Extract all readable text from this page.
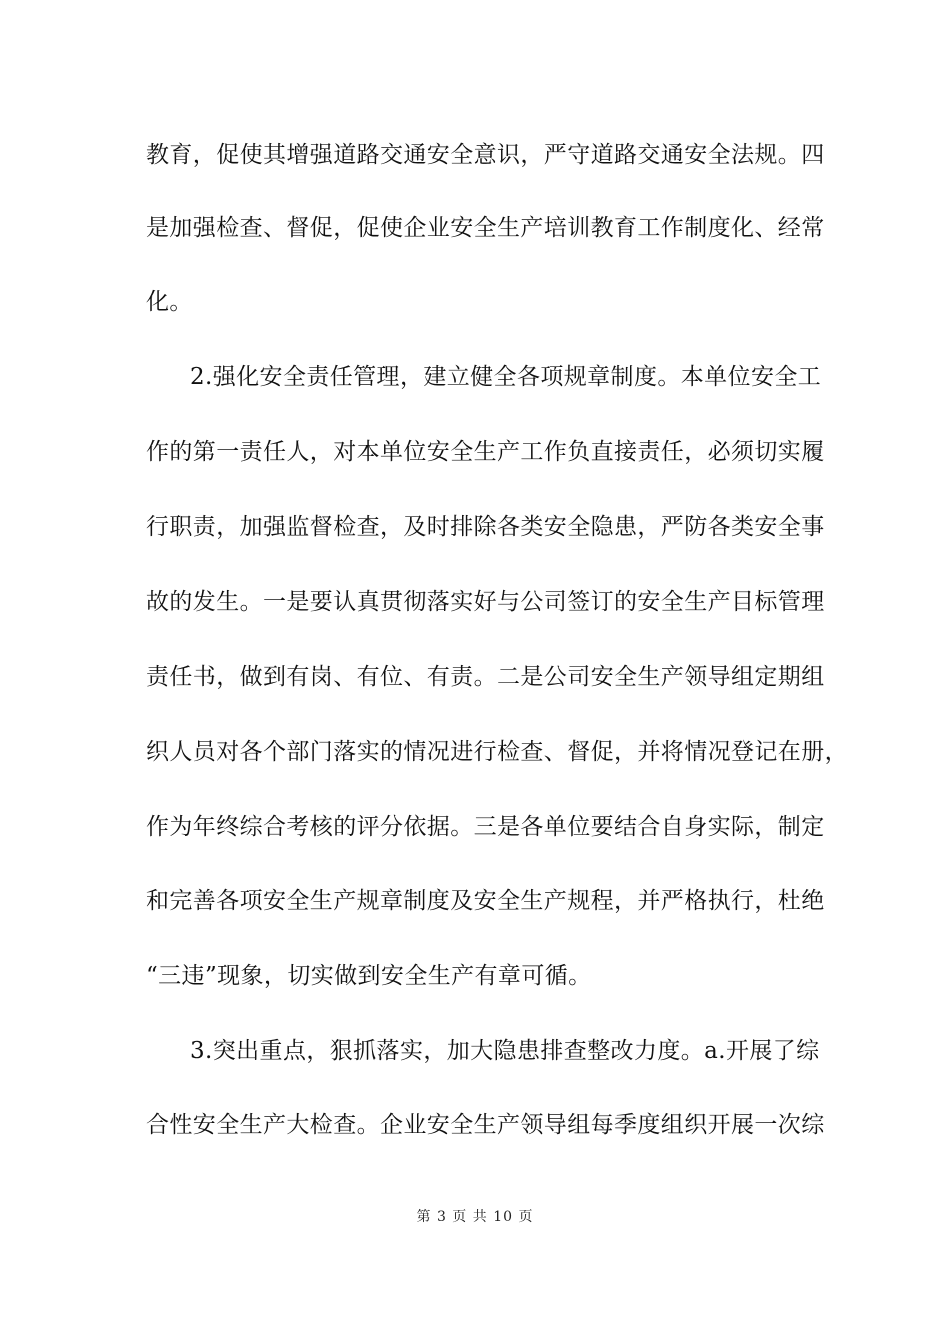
教育，促使其增强道路交通安全意识，严守道路交通安全法规。四
是加强检查、督促，促使企业安全生产培训教育工作制度化、经常
化。
2.强化安全责任管理，建立健全各项规章制度。本单位安全工
作的第一责任人，对本单位安全生产工作负直接责任，必须切实履
行职责，加强监督检查，及时排除各类安全隐患，严防各类安全事
故的发生。一是要认真贯彻落实好与公司签订的安全生产目标管理
责任书，做到有岗、有位、有责。二是公司安全生产领导组定期组
织人员对各个部门落实的情况进行检查、督促，并将情况登记在册，
作为年终综合考核的评分依据。三是各单位要结合自身实际，制定
和完善各项安全生产规章制度及安全生产规程，并严格执行，杜绝
“三违”现象，切实做到安全生产有章可循。
3.突出重点，狠抓落实，加大隐患排查整改力度。a.开展了综
合性安全生产大检查。企业安全生产领导组每季度组织开展一次综
第 3 页 共 10 页
